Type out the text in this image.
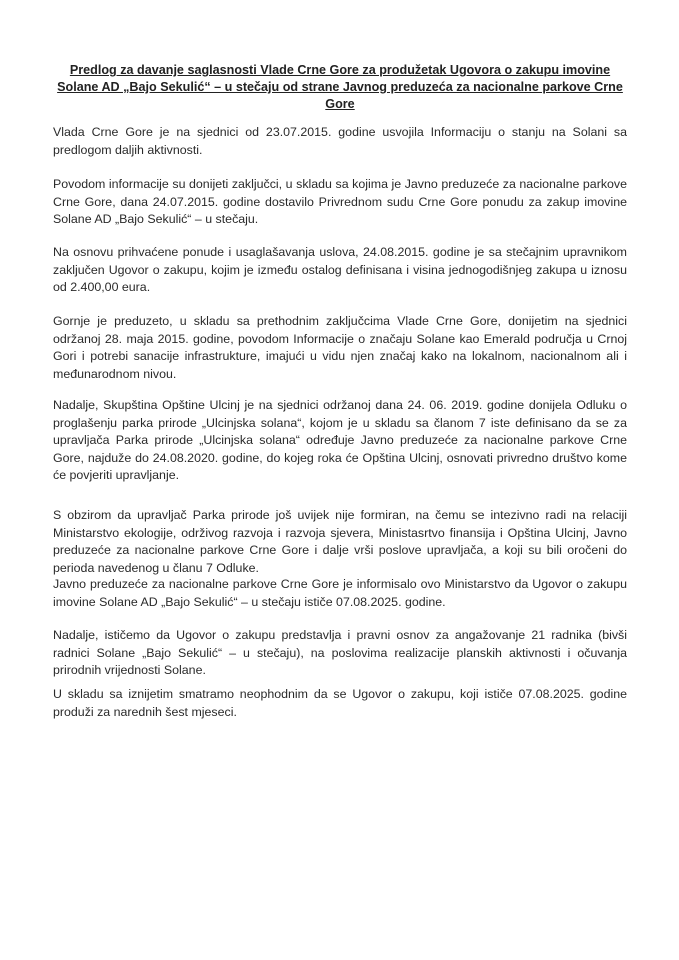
Predlog za davanje saglasnosti Vlade Crne Gore za produžetak Ugovora o zakupu imovine Solane AD „Bajo Sekulić“ – u stečaju od strane Javnog preduzeća za nacionalne parkove Crne Gore

Vlada Crne Gore je na sjednici od 23.07.2015. godine usvojila Informaciju o stanju na Solani sa predlogom daljih aktivnosti.

Povodom informacije su donijeti zaključci, u skladu sa kojima je Javno preduzeće za nacionalne parkove Crne Gore, dana 24.07.2015. godine dostavilo Privrednom sudu Crne Gore ponudu za zakup imovine Solane AD „Bajo Sekulić“ – u stečaju.

Na osnovu prihvaćene ponude i usaglašavanja uslova, 24.08.2015. godine je sa stečajnim upravnikom zaključen Ugovor o zakupu, kojim je između ostalog definisana i visina jednogodišnjeg zakupa u iznosu od 2.400,00 eura.

Gornje je preduzeto, u skladu sa prethodnim zaključcima Vlade Crne Gore, donijetim na sjednici održanoj 28. maja 2015. godine, povodom Informacije o značaju Solane kao Emerald područja u Crnoj Gori i potrebi sanacije infrastrukture, imajući u vidu njen značaj kako na lokalnom, nacionalnom ali i međunarodnom nivou.

Nadalje, Skupština Opštine Ulcinj je na sjednici održanoj dana 24. 06. 2019. godine donijela Odluku o proglašenju parka prirode „Ulcinjska solana“, kojom je u skladu sa članom 7 iste definisano da se za upravljača Parka prirode „Ulcinjska solana“ određuje Javno preduzeće za nacionalne parkove Crne Gore, najduže do 24.08.2020. godine, do kojeg roka će Opština Ulcinj, osnovati privredno društvo kome će povjeriti upravljanje.

S obzirom da upravljač Parka prirode još uvijek nije formiran, na čemu se intezivno radi na relaciji Ministarstvo ekologije, održivog razvoja i razvoja sjevera, Ministasrtvo finansija i Opština Ulcinj, Javno preduzeće za nacionalne parkove Crne Gore i dalje vrši poslove upravljača, a koji su bili oročeni do perioda navedenog u članu 7 Odluke.

Javno preduzeće za nacionalne parkove Crne Gore je informisalo ovo Ministarstvo da Ugovor o zakupu imovine Solane AD „Bajo Sekulić“ – u stečaju ističe 07.08.2025. godine.

Nadalje, ističemo da Ugovor o zakupu predstavlja i pravni osnov za angažovanje 21 radnika (bivši radnici Solane „Bajo Sekulić“ – u stečaju), na poslovima realizacije planskih aktivnosti i očuvanja prirodnih vrijednosti Solane.

U skladu sa iznijetim smatramo neophodnim da se Ugovor o zakupu, koji ističe 07.08.2025. godine produži za narednih šest mjeseci.
